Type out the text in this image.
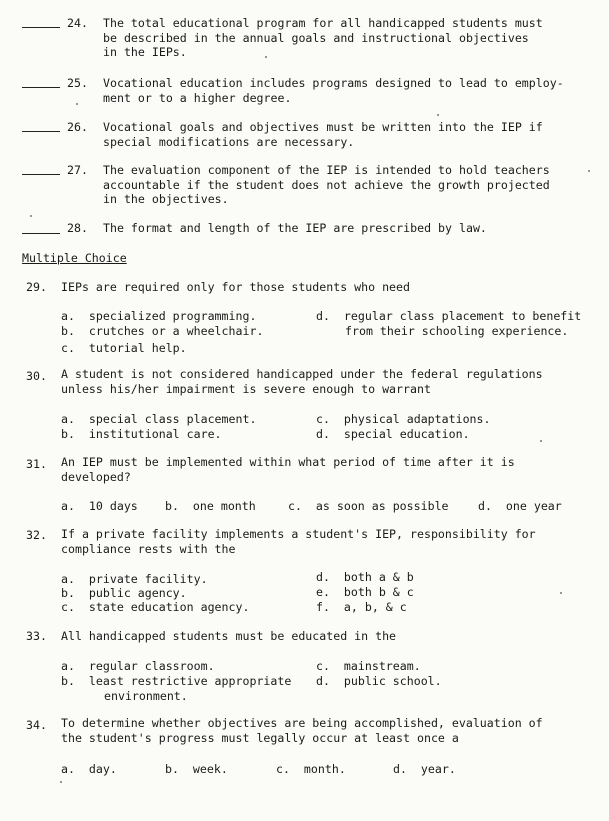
24. The total educational program for all handicapped students must
be described in the annual goals and instructional objectives
in the IEPs.
25. Vocational education includes programs designed to lead to employ-
ment or to a higher degree.
26. Vocational goals and objectives must be written into the IEP if
special modifications are necessary.
27. The evaluation component of the IEP is intended to hold teachers
accountable if the student does not achieve the growth projected
in the objectives.
28. The format and length of the IEP are prescribed by law.
Multiple Choice
29. IEPs are required only for those students who need
a.  specialized programming.
b.  crutches or a wheelchair.
c.  tutorial help.
d.  regular class placement to benefit
from their schooling experience.
30. A student is not considered handicapped under the federal regulations
unless his/her impairment is severe enough to warrant
a.  special class placement.
b.  institutional care.
c.  physical adaptations.
d.  special education.
31. An IEP must be implemented within what period of time after it is
developed?
a.  10 days b.  one month	c.  as soon as possible	d.  one year
32. If a private facility implements a student's IEP, responsibility for
compliance rests with the
a.  private facility.
b.  public agency.
c.  state education agency.
d.  both a & b
e.  both b & c
f.  a, b, & c
33. All handicapped students must be educated in the
a.  regular classroom.
b.  least restrictive appropriate
environment.
c.  mainstream.
d.  public school.
34. To determine whether objectives are being accomplished, evaluation of
the student's progress must legally occur at least once a
a.  day.	b.  week.	c.  month.	d.  year.
